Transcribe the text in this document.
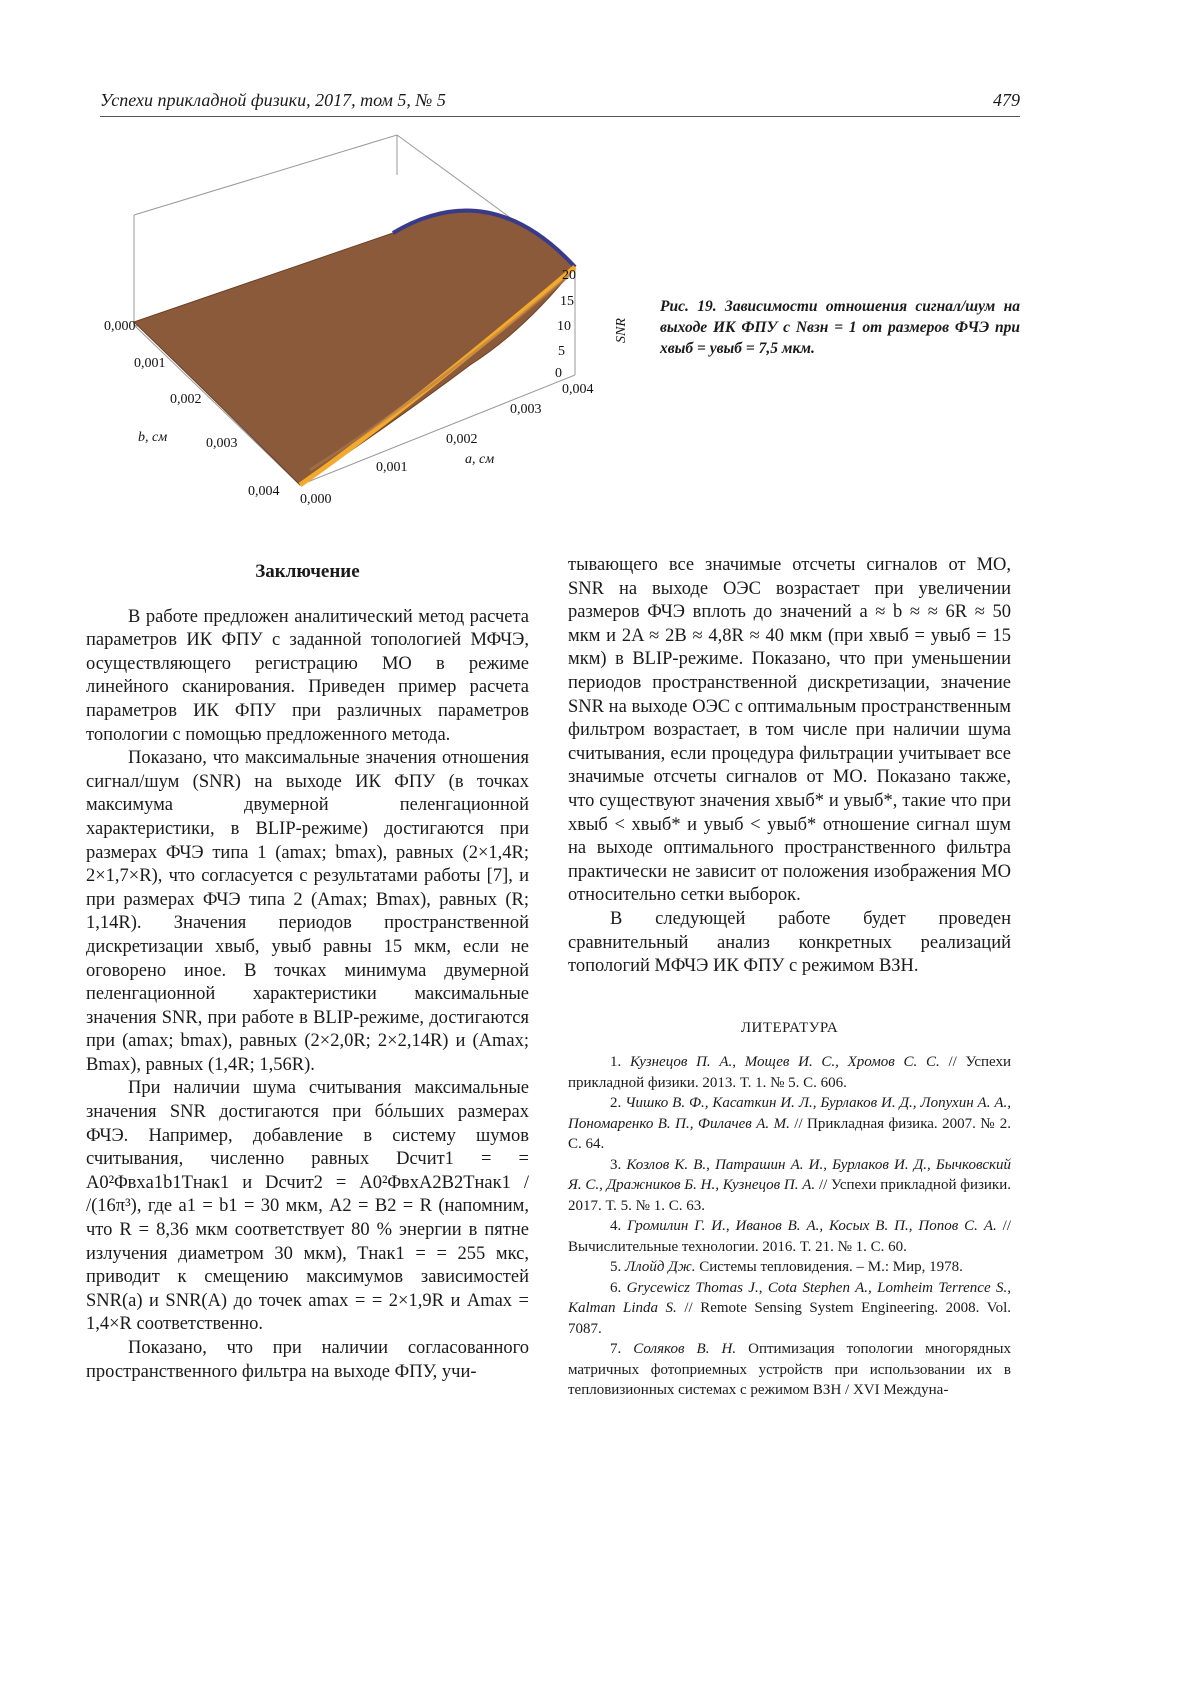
Успехи прикладной физики, 2017, том 5, № 5	479
20
15
10
5
0
SNR
0,000
0,001
0,002
0,003
0,004
b, см
0,000
0,001
0,002
0,003
0,004
a, см
Рис. 19. Зависимости отношения сигнал/шум на выходе ИК ФПУ с Nвзн = 1 от размеров ФЧЭ при xвыб = yвыб = 7,5 мкм.
Заключение

В работе предложен аналитический метод расчета параметров ИК ФПУ с заданной топологией МФЧЭ, осуществляющего регистрацию МО в режиме линейного сканирования. Приведен пример расчета параметров ИК ФПУ при различных параметров топологии с помощью предложенного метода.

Показано, что максимальные значения отношения сигнал/шум (SNR) на выходе ИК ФПУ (в точках максимума двумерной пеленгационной характеристики, в BLIP-режиме) достигаются при размерах ФЧЭ типа 1 (amax; bmax), равных (2×1,4R; 2×1,7×R), что согласуется с результатами работы [7], и при размерах ФЧЭ типа 2 (Amax; Bmax), равных (R; 1,14R). Значения периодов пространственной дискретизации xвыб, yвыб равны 15 мкм, если не оговорено иное. В точках минимума двумерной пеленгационной характеристики максимальные значения SNR, при работе в BLIP-режиме, достигаются при (amax; bmax), равных (2×2,0R; 2×2,14R) и (Amax; Bmax), равных (1,4R; 1,56R).

При наличии шума считывания максимальные значения SNR достигаются при бóльших размерах ФЧЭ. Например, добавление в систему шумов считывания, численно равных Dсчит1 = = A0²Φвхa1b1Tнак1 и Dсчит2 = A0²ΦвхA2B2Tнак1 / /(16π³), где a1 = b1 = 30 мкм, A2 = B2 = R (напомним, что R = 8,36 мкм соответствует 80 % энергии в пятне излучения диаметром 30 мкм), Tнак1 = = 255 мкс, приводит к смещению максимумов зависимостей SNR(a) и SNR(A) до точек amax = = 2×1,9R и Amax = 1,4×R соответственно.

Показано, что при наличии согласованного пространственного фильтра на выходе ФПУ, учи-

тывающего все значимые отсчеты сигналов от МО, SNR на выходе ОЭС возрастает при увеличении размеров ФЧЭ вплоть до значений a ≈ b ≈ ≈ 6R ≈ 50 мкм и 2A ≈ 2B ≈ 4,8R ≈ 40 мкм (при xвыб = yвыб = 15 мкм) в BLIP-режиме. Показано, что при уменьшении периодов пространственной дискретизации, значение SNR на выходе ОЭС с оптимальным пространственным фильтром возрастает, в том числе при наличии шума считывания, если процедура фильтрации учитывает все значимые отсчеты сигналов от МО. Показано также, что существуют значения xвыб* и yвыб*, такие что при xвыб < xвыб* и yвыб < yвыб* отношение сигнал шум на выходе оптимального пространственного фильтра практически не зависит от положения изображения МО относительно сетки выборок.

В следующей работе будет проведен сравнительный анализ конкретных реализаций топологий МФЧЭ ИК ФПУ с режимом ВЗН.

ЛИТЕРАТУРА

1. Кузнецов П. А., Мощев И. С., Хромов С. С. // Успехи прикладной физики. 2013. Т. 1. № 5. С. 606.

2. Чишко В. Ф., Касаткин И. Л., Бурлаков И. Д., Лопухин А. А., Пономаренко В. П., Филачев А. М. // Прикладная физика. 2007. № 2. С. 64.

3. Козлов К. В., Патрашин А. И., Бурлаков И. Д., Бычковский Я. С., Дражников Б. Н., Кузнецов П. А. // Успехи прикладной физики. 2017. Т. 5. № 1. С. 63.

4. Громилин Г. И., Иванов В. А., Косых В. П., Попов С. А. // Вычислительные технологии. 2016. Т. 21. № 1. С. 60.

5. Ллойд Дж. Системы тепловидения. – М.: Мир, 1978.

6. Grycewicz Thomas J., Cota Stephen A., Lomheim Terrence S., Kalman Linda S. // Remote Sensing System Engineering. 2008. Vol. 7087.

7. Соляков В. Н. Оптимизация топологии многорядных матричных фотоприемных устройств при использовании их в тепловизионных системах с режимом ВЗН / XVI Междуна-
